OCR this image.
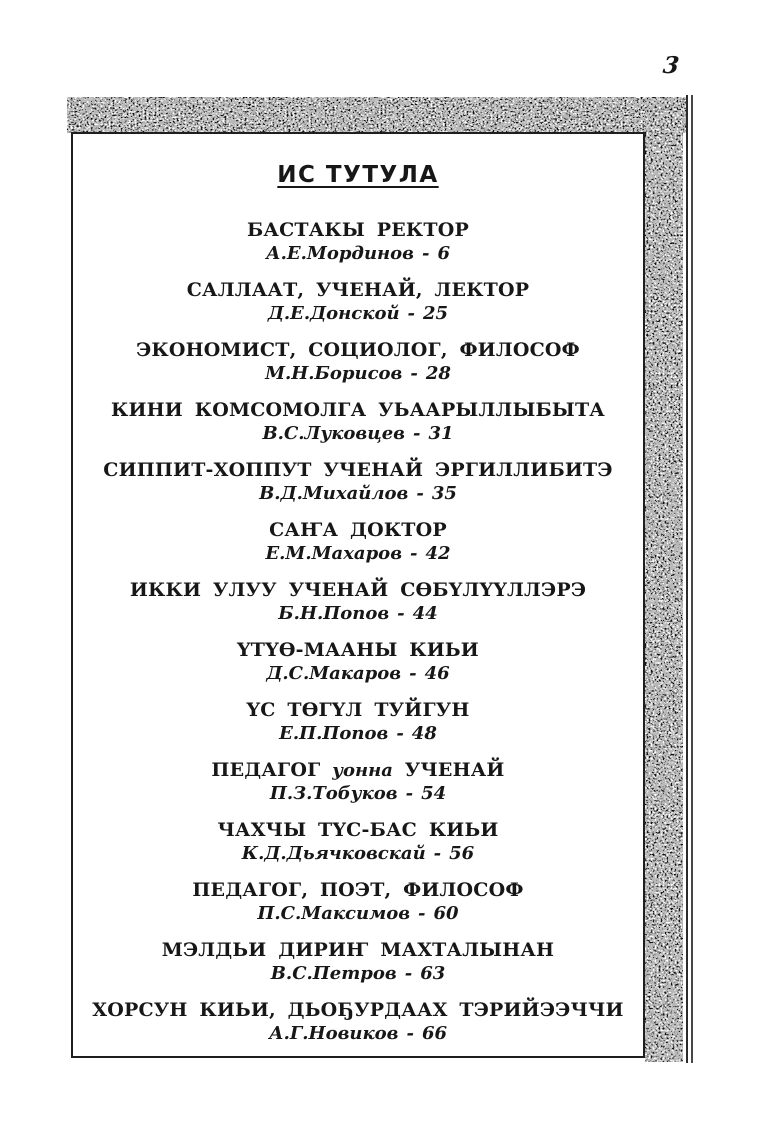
3
ИС ТУТУЛА
БАСТАКЫ РЕКТОР
А.Е.Мординов - 6
САЛЛААТ, УЧЕНАЙ, ЛЕКТОР
Д.Е.Донской - 25
ЭКОНОМИСТ, СОЦИОЛОГ, ФИЛОСОФ
М.Н.Борисов - 28
КИНИ КОМСОМОЛГА УЬААРЫЛЛЫБЫТА
В.С.Луковцев - 31
СИППИТ-ХОППУТ УЧЕНАЙ ЭРГИЛЛИБИТЭ
В.Д.Михайлов - 35
САҤА ДОКТОР
Е.М.Махаров - 42
ИККИ УЛУУ УЧЕНАЙ СӨБҮЛҮҮЛЛЭРЭ
Б.Н.Попов - 44
ҮТҮӨ-МААНЫ КИЬИ
Д.С.Макаров - 46
ҮС ТӨГҮЛ ТУЙГУН
Е.П.Попов - 48
ПЕДАГОГ уонна УЧЕНАЙ
П.З.Тобуков - 54
ЧАХЧЫ ТҮС-БАС КИЬИ
К.Д.Дьячковскай - 56
ПЕДАГОГ, ПОЭТ, ФИЛОСОФ
П.С.Максимов - 60
МЭЛДЬИ ДИРИҤ МАХТАЛЫНАН
В.С.Петров - 63
ХОРСУН КИЬИ, ДЬОҔУРДААХ ТЭРИЙЭЭЧЧИ
А.Г.Новиков - 66
